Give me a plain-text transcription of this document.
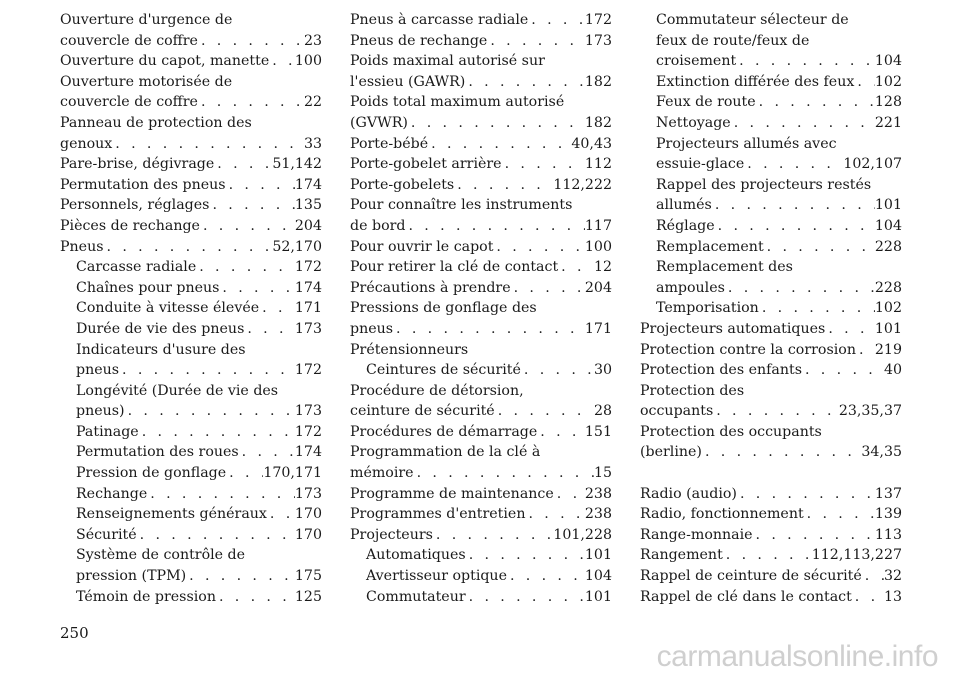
Ouverture d'urgence de
couvercle de coffre . . .	23
Ouverture du capot, manette . . . 100
Ouverture motorisée de
couvercle de coffre . . .	22
Panneau de protection des
genoux . . .	33
Pare-brise, dégivrage . . .	51,142
Permutation des pneus . . .	174
Personnels, réglages . . .	135
Pièces de rechange . . .	204
Pneus . . .	52,170
Carcasse radiale . . .	172
Chaînes pour pneus . . .	174
Conduite à vitesse élevée . . .	171
Durée de vie des pneus . . .	173
Indicateurs d'usure des
pneus . . .	172
Longévité (Durée de vie des
pneus) . . .	173
Patinage . . .	172
Permutation des roues . . .	174
Pression de gonflage . . .	170,171
Rechange . . .	173
Renseignements généraux . . . 170
Sécurité . . .	170
Système de contrôle de
pression (TPM) . . .	175
Témoin de pression . . .	125
Pneus à carcasse radiale . . .	172
Pneus de rechange . . .	173
Poids maximal autorisé sur
l'essieu (GAWR) . . .	182
Poids total maximum autorisé
(GVWR) . . .	182
Porte-bébé . . .	40,43
Porte-gobelet arrière . . .	112
Porte-gobelets . . .	112,222
Pour connaître les instruments
de bord . . .	117
Pour ouvrir le capot . . .	100
Pour retirer la clé de contact . . .	12
Précautions à prendre . . .	204
Pressions de gonflage des
pneus . . .	171
Prétensionneurs
Ceintures de sécurité . . .	30
Procédure de détorsion,
ceinture de sécurité . . .	28
Procédures de démarrage . . .	151
Programmation de la clé à
mémoire . . .	15
Programme de maintenance . . . 238
Programmes d'entretien . . .	238
Projecteurs . . .	101,228
Automatiques . . .	101
Avertisseur optique . . .	104
Commutateur . . .	101
Commutateur sélecteur de
feux de route/feux de
croisement . . .	104
Extinction différée des feux . . . 102
Feux de route . . .	128
Nettoyage . . .	221
Projecteurs allumés avec
essuie-glace . . .	102,107
Rappel des projecteurs restés
allumés . . .	101
Réglage . . .	104
Remplacement . . .	228
Remplacement des
ampoules . . .	228
Temporisation . . .	102
Projecteurs automatiques . . .	101
Protection contre la corrosion . . . 219
Protection des enfants . . .	40
Protection des
occupants . . .	23,35,37
Protection des occupants
(berline) . . .	34,35
Radio (audio) . . .	137
Radio, fonctionnement . . .	139
Range-monnaie . . .	113
Rangement . . .	112,113,227
Rappel de ceinture de sécurité . . . 32
Rappel de clé dans le contact . . . 13
250
carmanualsonline.info
